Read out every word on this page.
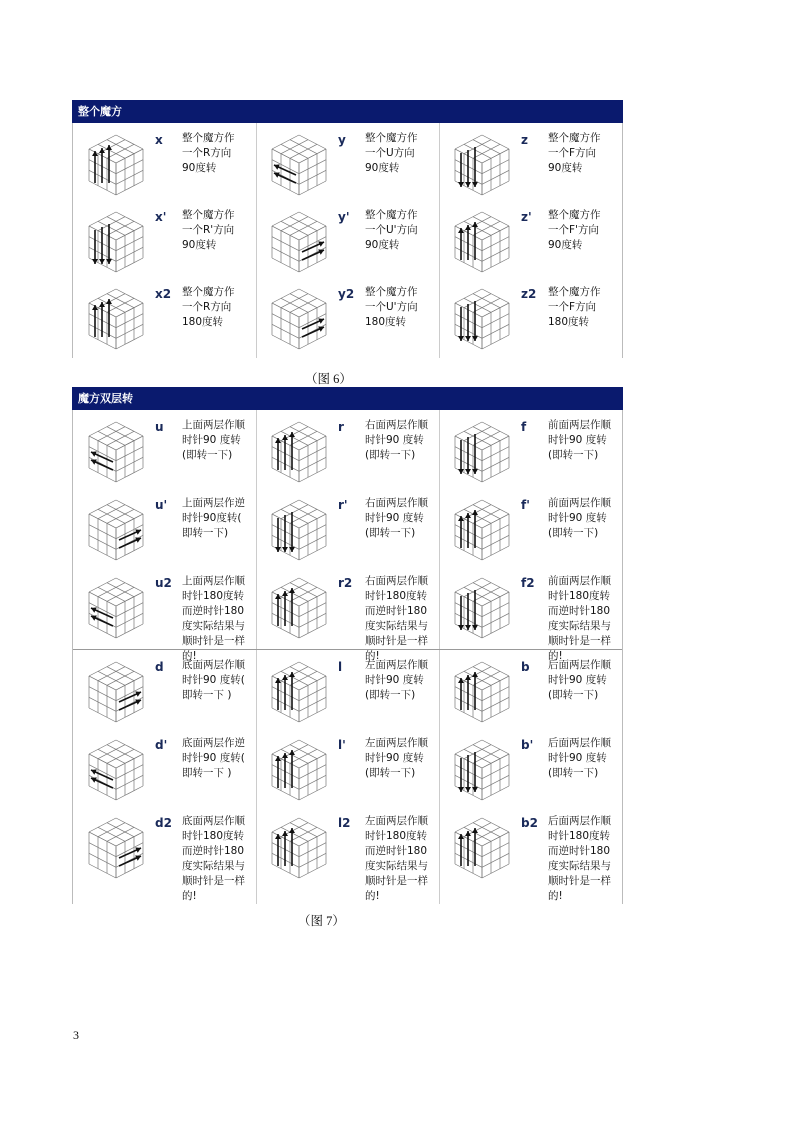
整个魔方
x 整个魔方作
一个R方向
90度转
y 整个魔方作
一个U方向
90度转
z 整个魔方作
一个F方向
90度转
x' 整个魔方作
一个R'方向
90度转
y' 整个魔方作
一个U'方向
90度转
z' 整个魔方作
一个F'方向
90度转
x2 整个魔方作
一个R方向
180度转
y2 整个魔方作
一个U'方向
180度转
z2 整个魔方作
一个F方向
180度转
（图 6）
魔方双层转
u 上面两层作顺
时针90 度转
(即转一下)
r 右面两层作顺
时针90 度转
(即转一下)
f 前面两层作顺
时针90 度转
(即转一下)
u' 上面两层作逆
时针90度转(
即转一下)
r' 右面两层作顺
时针90 度转
(即转一下)
f' 前面两层作顺
时针90 度转
(即转一下)
u2 上面两层作顺
时针180度转
而逆时针180
度实际结果与
顺时针是一样
的!
r2 右面两层作顺
时针180度转
而逆时针180
度实际结果与
顺时针是一样
的!
f2 前面两层作顺
时针180度转
而逆时针180
度实际结果与
顺时针是一样
的!
d 底面两层作顺
时针90 度转(
即转一下 )
l 左面两层作顺
时针90 度转
(即转一下)
b 后面两层作顺
时针90 度转
(即转一下)
d' 底面两层作逆
时针90 度转(
即转一下 )
l' 左面两层作顺
时针90 度转
(即转一下)
b' 后面两层作顺
时针90 度转
(即转一下)
d2 底面两层作顺
时针180度转
而逆时针180
度实际结果与
顺时针是一样
的!
l2 左面两层作顺
时针180度转
而逆时针180
度实际结果与
顺时针是一样
的!
b2 后面两层作顺
时针180度转
而逆时针180
度实际结果与
顺时针是一样
的!
（图 7）
3
